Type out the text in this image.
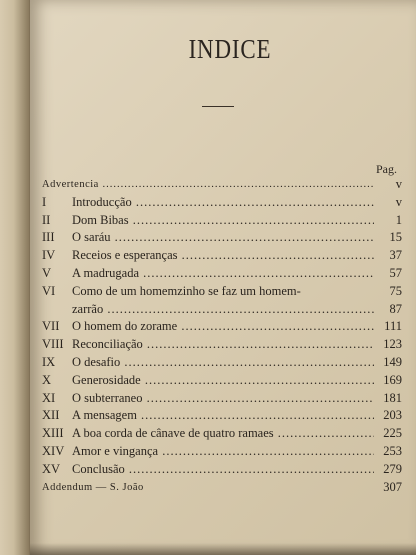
INDICE
Pag.
Advertencia .....	v
I	Introducção .....	v
II	Dom Bibas .....	1
III	O saráu .....	15
IV	Receios e esperanças .....	37
V	A madrugada .....	57
VI	Como de um homemzinho se faz um homem-	75
zarrão .....	87
VII	O homem do zorame .....	111
VIII Reconciliação .....	123
IX	O desafio .....	149
X	Generosidade .....	169
XI	O subterraneo .....	181
XII	A mensagem .....	203
XIII A boa corda de cânave de quatro ramaes .....	225
XIV Amor e vingança .....	253
XV Conclusão .....	279
Addendum — S. João	307
